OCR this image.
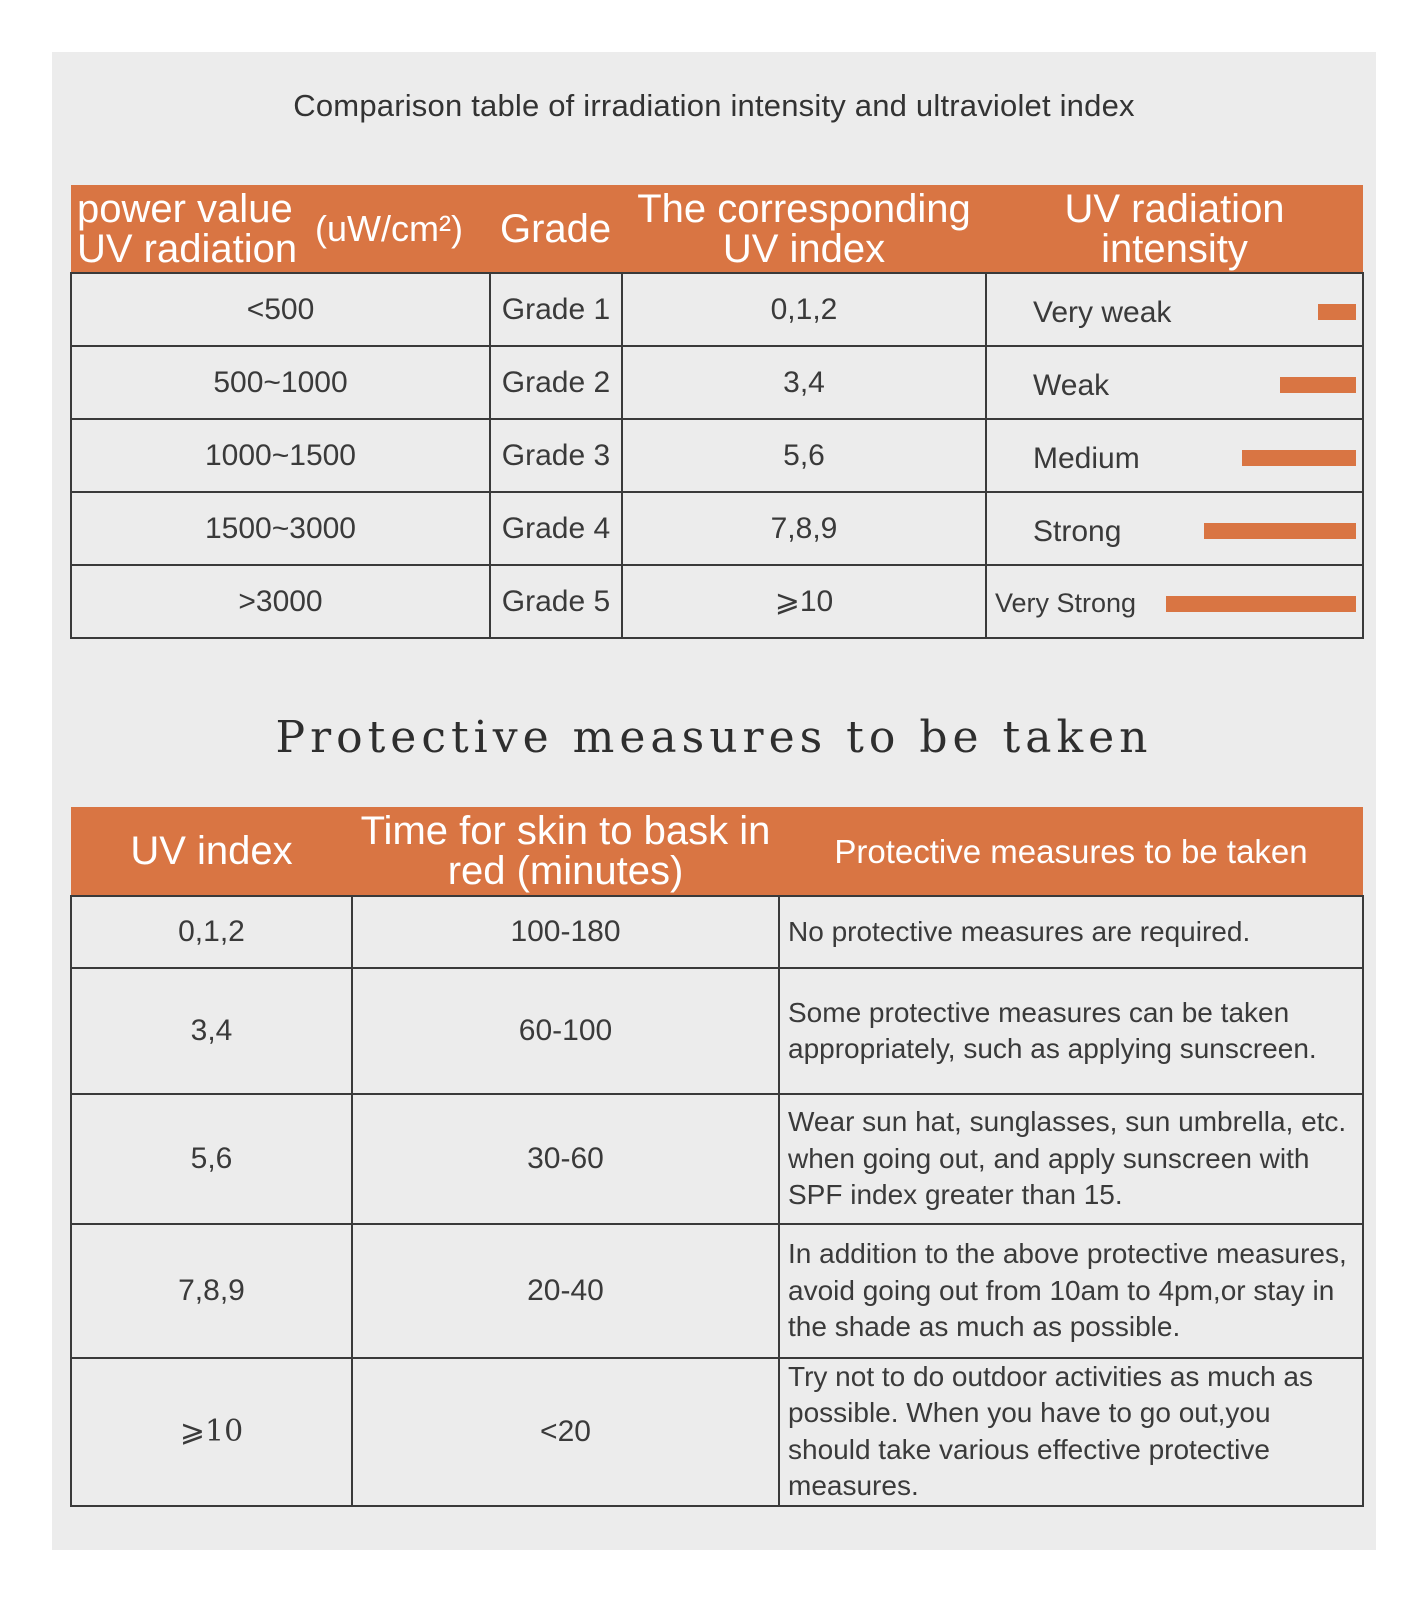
Comparison table of irradiation intensity and ultraviolet index
power value
UV radiation (uW/cm²)	Grade	The corresponding UV index	UV radiation intensity
<500	Grade 1	0,1,2	Very weak

500~1000	Grade 2	3,4	Weak

1000~1500	Grade 3	5,6	Medium

1500~3000	Grade 4	7,8,9	Strong

>3000	Grade 5	⩾10	Very Strong
Protective measures to be taken
UV index	Time for skin to bask in red (minutes)	Protective measures to be taken
0,1,2	100-180	No protective measures are required.
3,4	60-100	Some protective measures can be taken appropriately, such as applying sunscreen.
5,6	30-60	Wear sun hat, sunglasses, sun umbrella, etc. when going out, and apply sunscreen with SPF index greater than 15.
7,8,9	20-40	In addition to the above protective measures, avoid going out from 10am to 4pm,or stay in the shade as much as possible.
⩾10	<20	Try not to do outdoor activities as much as possible. When you have to go out,you should take various effective protective measures.
